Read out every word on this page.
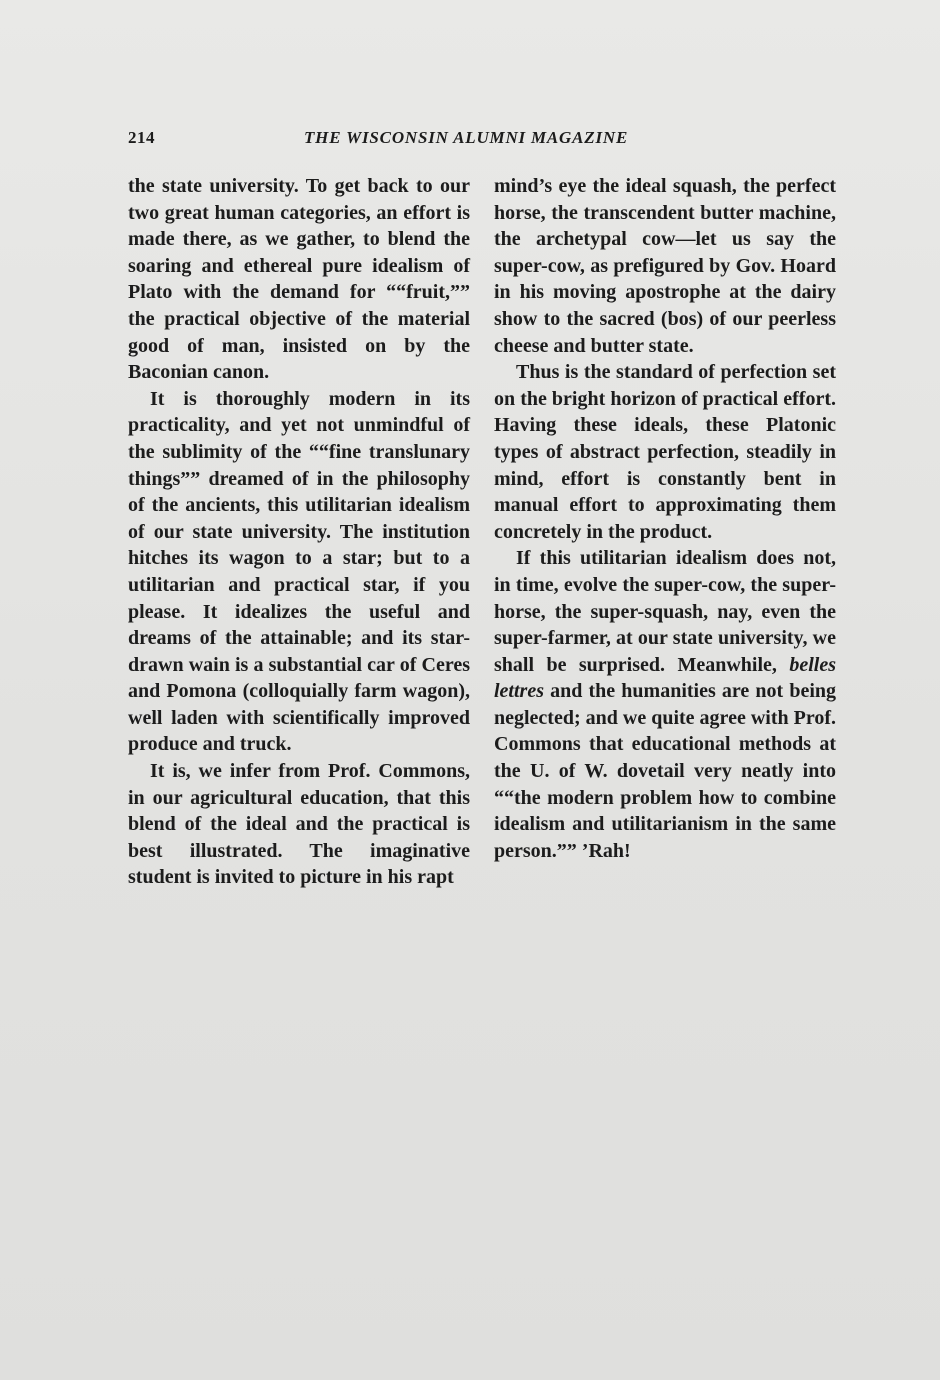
214	THE WISCONSIN ALUMNI MAGAZINE

the state university. To get back to our two great human categories, an effort is made there, as we gather, to blend the soaring and ethereal pure idealism of Plato with the demand for ““fruit,”” the practical objective of the material good of man, insisted on by the Baconian canon.

It is thoroughly modern in its practicality, and yet not unmindful of the sublimity of the ““fine translunary things”” dreamed of in the philosophy of the ancients, this utilitarian idealism of our state university. The institution hitches its wagon to a star; but to a utilitarian and practical star, if you please. It idealizes the useful and dreams of the attainable; and its star-drawn wain is a substantial car of Ceres and Pomona (colloquially farm wagon), well laden with scientifically improved produce and truck.

It is, we infer from Prof. Commons, in our agricultural education, that this blend of the ideal and the practical is best illustrated. The imaginative student is invited to picture in his rapt

mind’s eye the ideal squash, the perfect horse, the transcendent butter machine, the archetypal cow—let us say the super-cow, as prefigured by Gov. Hoard in his moving apostrophe at the dairy show to the sacred (bos) of our peerless cheese and butter state.

Thus is the standard of perfection set on the bright horizon of practical effort. Having these ideals, these Platonic types of abstract perfection, steadily in mind, effort is constantly bent in manual effort to approximating them concretely in the product.

If this utilitarian idealism does not, in time, evolve the super-cow, the super-horse, the super-squash, nay, even the super-farmer, at our state university, we shall be surprised. Meanwhile, belles lettres and the humanities are not being neglected; and we quite agree with Prof. Commons that educational methods at the U. of W. dovetail very neatly into ““the modern problem how to combine idealism and utilitarianism in the same person.”” ’Rah!
